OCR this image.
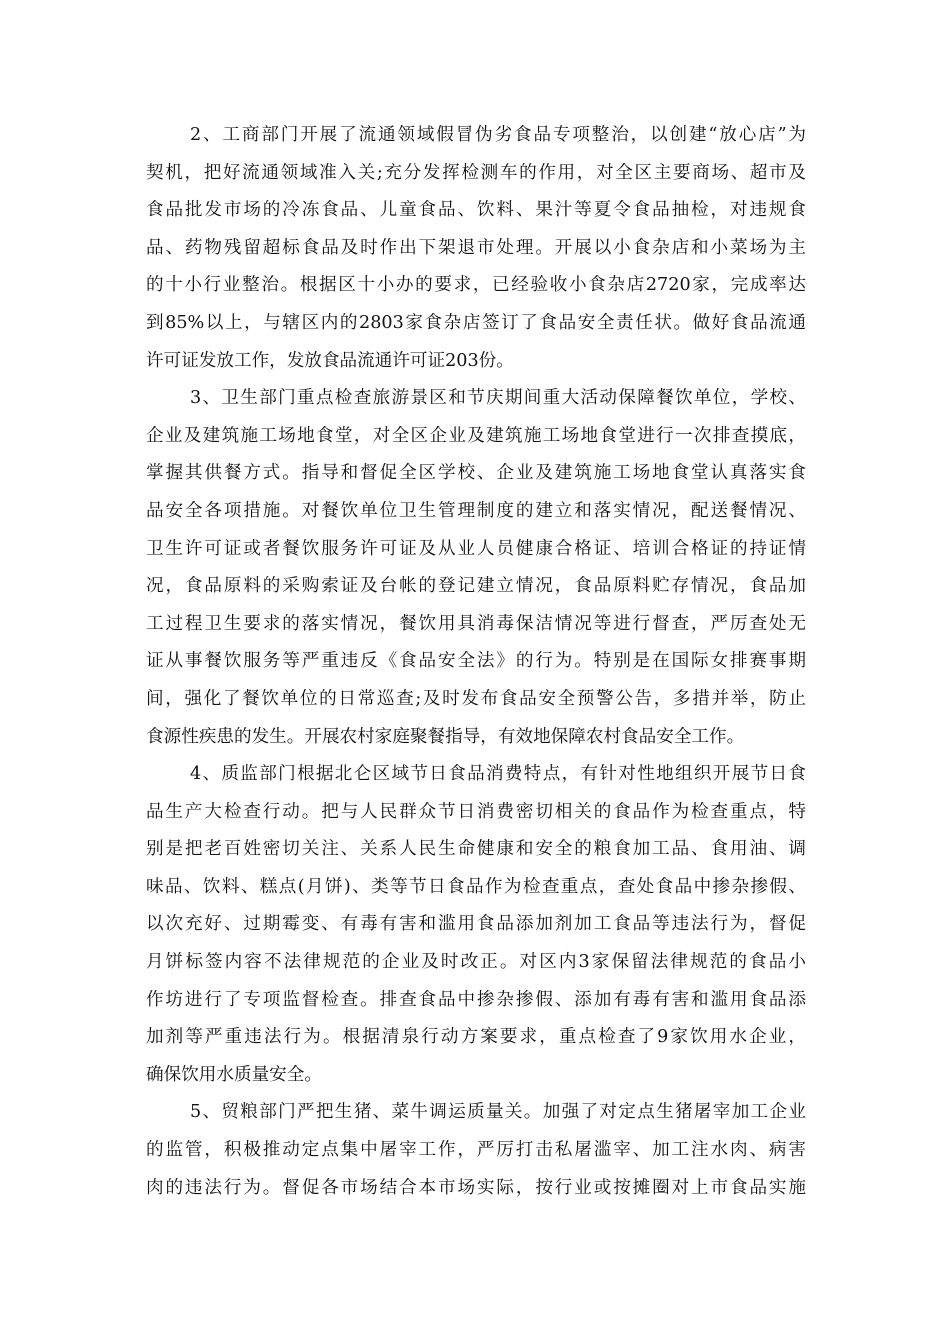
2、工商部门开展了流通领域假冒伪劣食品专项整治，以创建“放心店”为
契机，把好流通领域准入关;充分发挥检测车的作用，对全区主要商场、超市及
食品批发市场的冷冻食品、儿童食品、饮料、果汁等夏令食品抽检，对违规食
品、药物残留超标食品及时作出下架退市处理。开展以小食杂店和小菜场为主
的十小行业整治。根据区十小办的要求，已经验收小食杂店2720家，完成率达
到85%以上，与辖区内的2803家食杂店签订了食品安全责任状。做好食品流通
许可证发放工作，发放食品流通许可证203份。
3、卫生部门重点检查旅游景区和节庆期间重大活动保障餐饮单位，学校、
企业及建筑施工场地食堂，对全区企业及建筑施工场地食堂进行一次排查摸底，
掌握其供餐方式。指导和督促全区学校、企业及建筑施工场地食堂认真落实食
品安全各项措施。对餐饮单位卫生管理制度的建立和落实情况，配送餐情况、
卫生许可证或者餐饮服务许可证及从业人员健康合格证、培训合格证的持证情
况，食品原料的采购索证及台帐的登记建立情况，食品原料贮存情况，食品加
工过程卫生要求的落实情况，餐饮用具消毒保洁情况等进行督查，严厉查处无
证从事餐饮服务等严重违反《食品安全法》的行为。特别是在国际女排赛事期
间，强化了餐饮单位的日常巡查;及时发布食品安全预警公告，多措并举，防止
食源性疾患的发生。开展农村家庭聚餐指导，有效地保障农村食品安全工作。
4、质监部门根据北仑区域节日食品消费特点，有针对性地组织开展节日食
品生产大检查行动。把与人民群众节日消费密切相关的食品作为检查重点，特
别是把老百姓密切关注、关系人民生命健康和安全的粮食加工品、食用油、调
味品、饮料、糕点(月饼)、类等节日食品作为检查重点，查处食品中掺杂掺假、
以次充好、过期霉变、有毒有害和滥用食品添加剂加工食品等违法行为，督促
月饼标签内容不法律规范的企业及时改正。对区内3家保留法律规范的食品小
作坊进行了专项监督检查。排查食品中掺杂掺假、添加有毒有害和滥用食品添
加剂等严重违法行为。根据清泉行动方案要求，重点检查了9家饮用水企业，
确保饮用水质量安全。
5、贸粮部门严把生猪、菜牛调运质量关。加强了对定点生猪屠宰加工企业
的监管，积极推动定点集中屠宰工作，严厉打击私屠滥宰、加工注水肉、病害
肉的违法行为。督促各市场结合本市场实际，按行业或按摊圈对上市食品实施
